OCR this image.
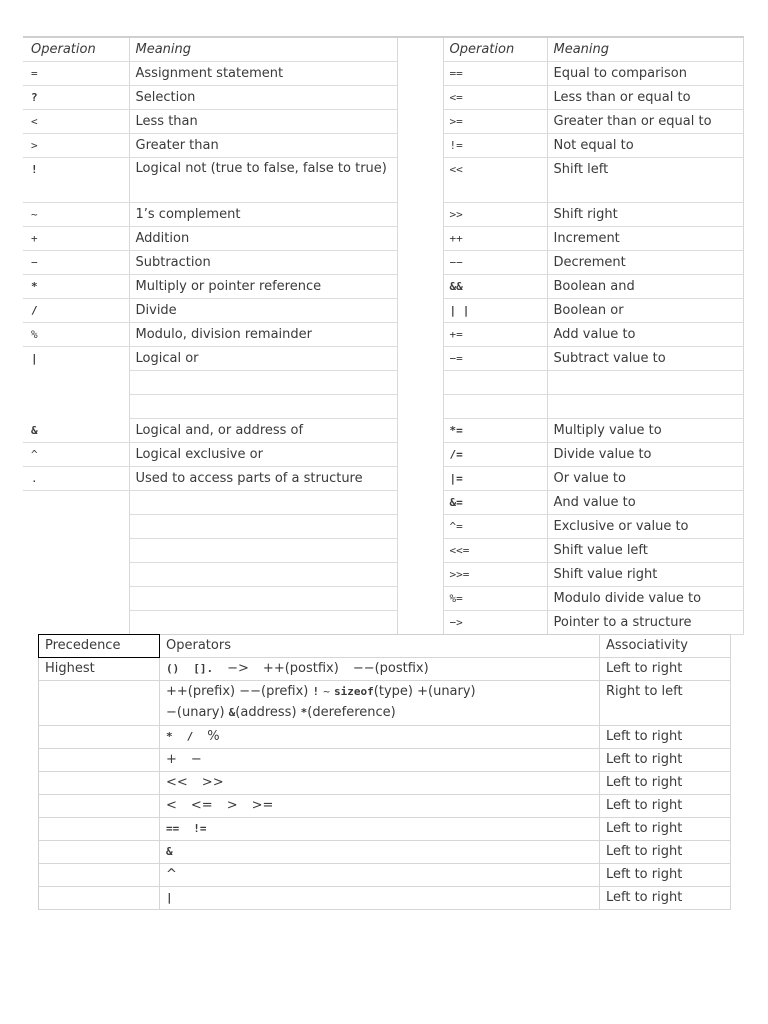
Operation	Meaning		Operation	Meaning
=	Assignment statement		==	Equal to comparison
?	Selection		<=	Less than or equal to
<	Less than		>=	Greater than or equal to
>	Greater than		!=	Not equal to
!	Logical not (true to false, false to true)		<<	Shift left
~	1’s complement		>>	Shift right
+	Addition		++	Increment
−	Subtraction		−−	Decrement
*	Multiply or pointer reference		&&	Boolean and
/	Divide		| |	Boolean or
%	Modulo, division remainder		+=	Add value to
|	Logical or		−=	Subtract value to

&	Logical and, or address of		*=	Multiply value to
^	Logical exclusive or		/=	Divide value to
.	Used to access parts of a structure		|=	Or value to
			&=	And value to
			^=	Exclusive or value to
			<<=	Shift value left
			>>=	Shift value right
			%=	Modulo divide value to
			−>	Pointer to a structure
Precedence	Operators	Associativity
Highest	() []. −> ++(postfix) −−(postfix)	Left to right
	++(prefix) −−(prefix) ! ~ sizeof(type) +(unary)
−(unary) &(address) *(dereference)	Right to left
	* / %	Left to right
	+ −	Left to right
	<< >>	Left to right
	< <= > >=	Left to right
	== !=	Left to right
	&	Left to right
	^	Left to right
	|	Left to right
